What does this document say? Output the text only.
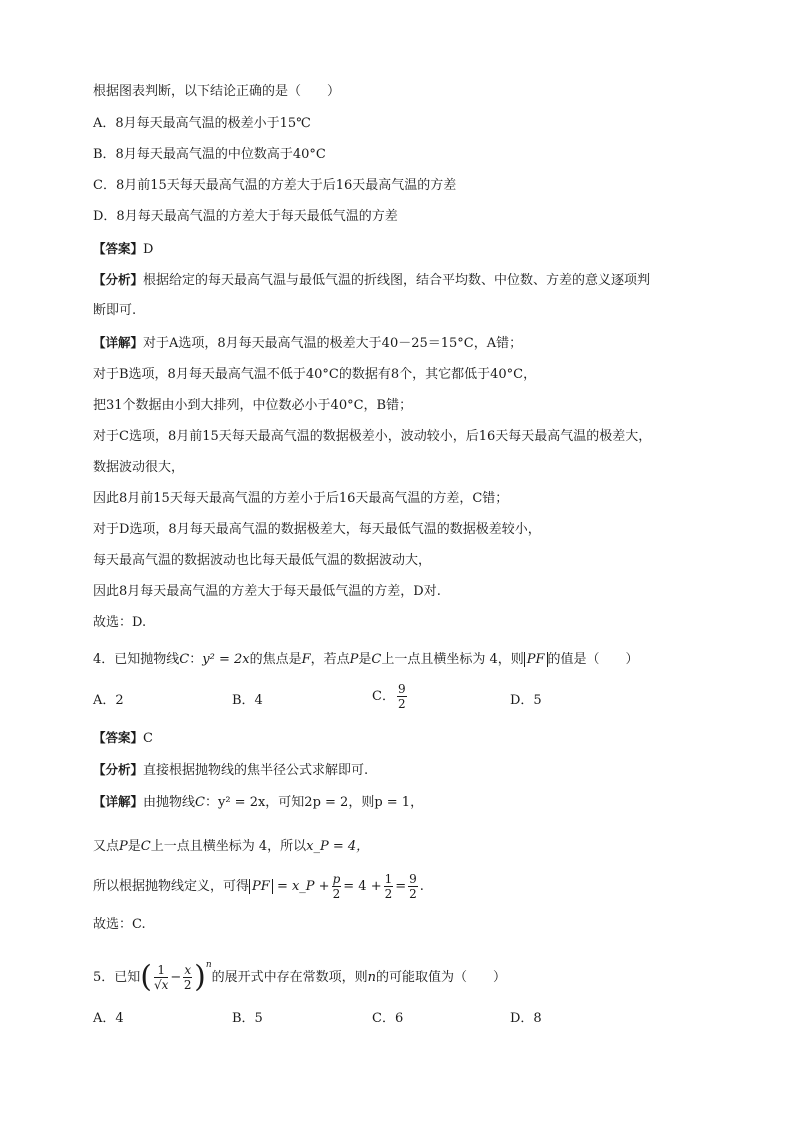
根据图表判断，以下结论正确的是（　　）
A．8月每天最高气温的极差小于15℃
B．8月每天最高气温的中位数高于40°C
C．8月前15天每天最高气温的方差大于后16天最高气温的方差
D．8月每天最高气温的方差大于每天最低气温的方差
【答案】D
【分析】根据给定的每天最高气温与最低气温的折线图，结合平均数、中位数、方差的意义逐项判
断即可.
【详解】对于A选项，8月每天最高气温的极差大于40－25＝15°C，A错；
对于B选项，8月每天最高气温不低于40°C的数据有8个，其它都低于40°C，
把31个数据由小到大排列，中位数必小于40°C，B错；
对于C选项，8月前15天每天最高气温的数据极差小，波动较小，后16天每天最高气温的极差大，
数据波动很大，
因此8月前15天每天最高气温的方差小于后16天最高气温的方差，C错；
对于D选项，8月每天最高气温的数据极差大，每天最低气温的数据极差较小，
每天最高气温的数据波动也比每天最低气温的数据波动大，
因此8月每天最高气温的方差大于每天最低气温的方差，D对.
故选：D.
4．已知抛物线C：y² = 2x的焦点是F，若点P是C上一点且横坐标为 4，则 PF 的值是（　　）
A．2	B．4	C． $\frac{9}{2}$	D．5
【答案】C
【分析】直接根据抛物线的焦半径公式求解即可.
【详解】由抛物线C：y² = 2x，可知2p = 2，则p = 1，
又点P是C上一点且横坐标为 4，所以x_P = 4，
所以根据抛物线定义，可得 PF = x_P + $\frac{p}{2} = 4 + \frac{1}{2} = \frac{9}{2}$ .
故选：C.
5．已知( $\frac{1}{√x} - \frac{x}{2} )^n$的展开式中存在常数项，则n的可能取值为（　　）
A．4	B．5	C．6	D．8
